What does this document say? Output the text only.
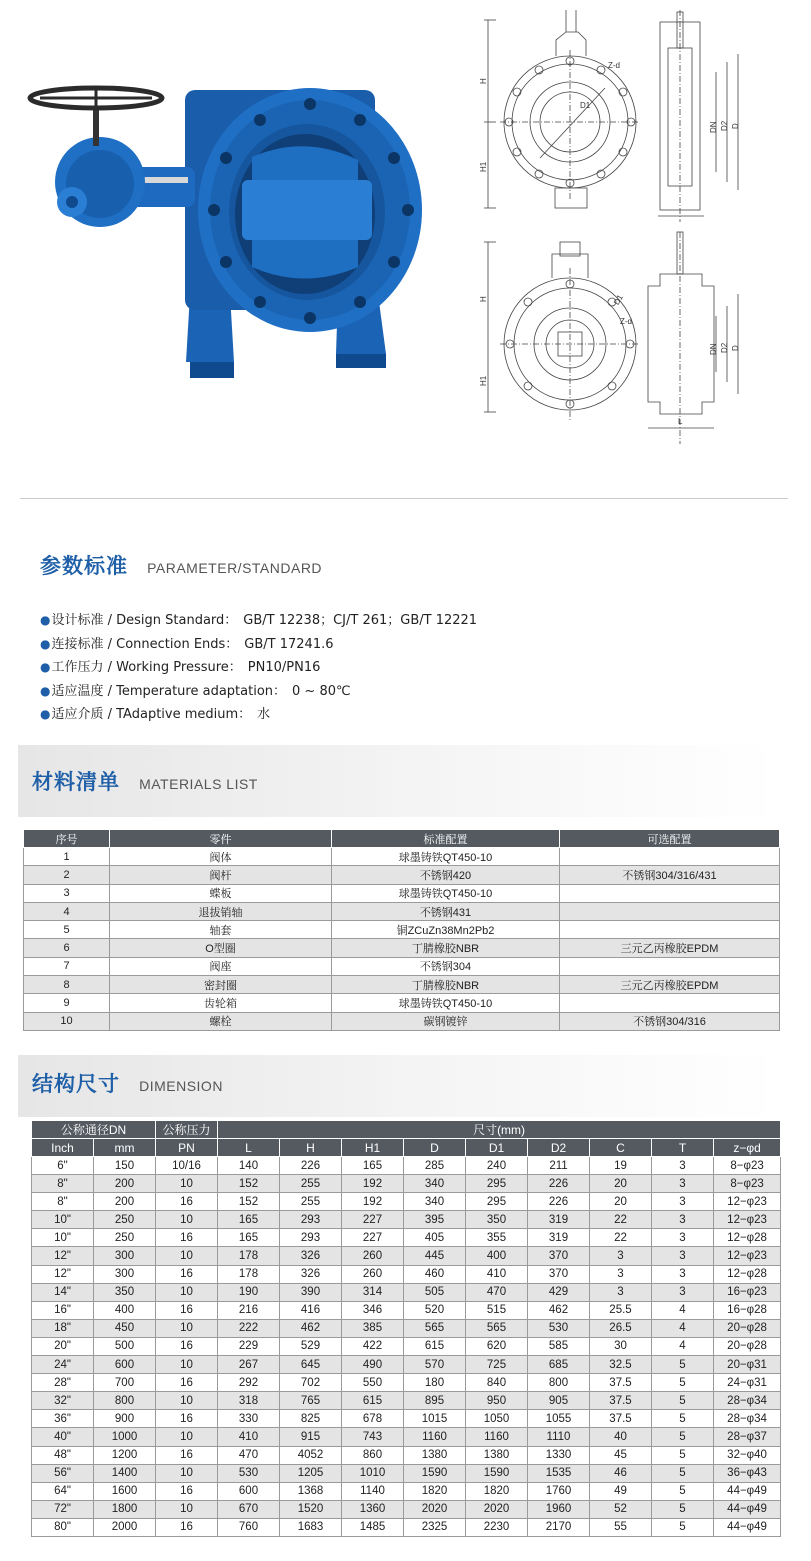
H
H1
Z-d
D1
DN D2 D
H
H1
Z-d
D1
DN D2 D
L
参数标准 PARAMETER/STANDARD
●设计标准 / Design Standard： GB/T 12238；CJ/T 261；GB/T 12221
●连接标准 / Connection Ends： GB/T 17241.6
●工作压力 / Working Pressure： PN10/PN16
●适应温度 / Temperature adaptation： 0 ~ 80℃
●适应介质 / TAdaptive medium： 水
材料清单 MATERIALS LIST
序号	零件	标准配置	可选配置
1	阀体	球墨铸铁QT450-10	
2	阀杆	不锈钢420	不锈钢304/316/431
3	蝶板	球墨铸铁QT450-10	
4	退拔销轴	不锈钢431	
5	轴套	铜ZCuZn38Mn2Pb2	
6	O型圈	丁腈橡胶NBR	三元乙丙橡胶EPDM
7	阀座	不锈钢304	
8	密封圈	丁腈橡胶NBR	三元乙丙橡胶EPDM
9	齿轮箱	球墨铸铁QT450-10	
10	螺栓	碳钢镀锌	不锈钢304/316
结构尺寸 DIMENSION
公称通径DN		公称压力	尺寸(mm)								
Inch	mm	PN	L	H	H1	D	D1	D2	C	T	z−φd
6"	150	10/16	140	226	165	285	240	211	19	3	8−φ23
8"	200	10	152	255	192	340	295	226	20	3	8−φ23
8"	200	16	152	255	192	340	295	226	20	3	12−φ23
10"	250	10	165	293	227	395	350	319	22	3	12−φ23
10"	250	16	165	293	227	405	355	319	22	3	12−φ28
12"	300	10	178	326	260	445	400	370	3	3	12−φ23
12"	300	16	178	326	260	460	410	370	3	3	12−φ28
14"	350	10	190	390	314	505	470	429	3	3	16−φ23
16"	400	16	216	416	346	520	515	462	25.5	4	16−φ28
18"	450	10	222	462	385	565	565	530	26.5	4	20−φ28
20"	500	16	229	529	422	615	620	585	30	4	20−φ28
24"	600	10	267	645	490	570	725	685	32.5	5	20−φ31
28"	700	16	292	702	550	180	840	800	37.5	5	24−φ31
32"	800	10	318	765	615	895	950	905	37.5	5	28−φ34
36"	900	16	330	825	678	1015	1050	1055	37.5	5	28−φ34
40"	1000	10	410	915	743	1160	1160	1110	40	5	28−φ37
48"	1200	16	470	4052	860	1380	1380	1330	45	5	32−φ40
56"	1400	10	530	1205	1010	1590	1590	1535	46	5	36−φ43
64"	1600	16	600	1368	1140	1820	1820	1760	49	5	44−φ49
72"	1800	10	670	1520	1360	2020	2020	1960	52	5	44−φ49
80"	2000	16	760	1683	1485	2325	2230	2170	55	5	44−φ49
